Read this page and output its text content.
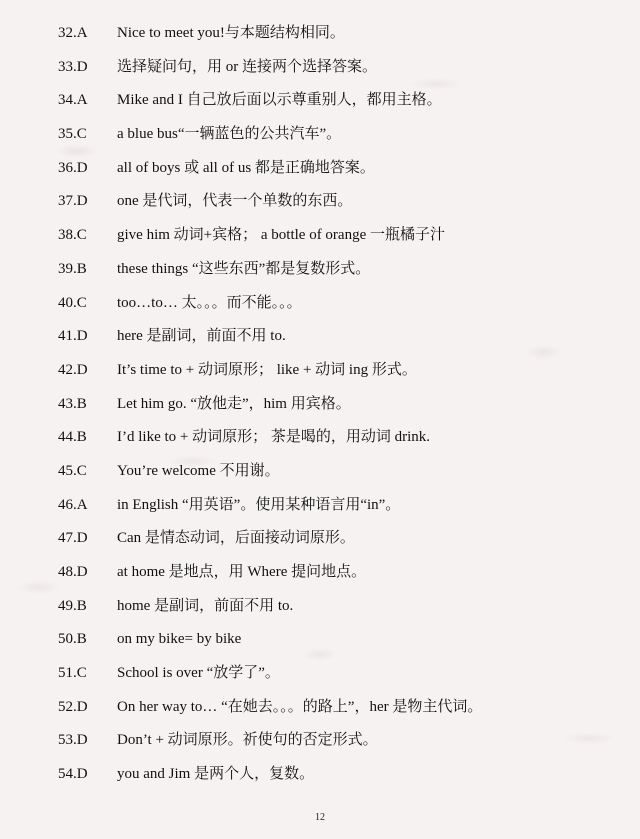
32.A Nice to meet you!与本题结构相同。
33.D 选择疑问句，用 or 连接两个选择答案。
34.A Mike and I 自己放后面以示尊重别人，都用主格。
35.C a blue bus“一辆蓝色的公共汽车”。
36.D all of boys 或 all of us 都是正确地答案。
37.D one 是代词，代表一个单数的东西。
38.C give him 动词+宾格； a bottle of orange 一瓶橘子汁
39.B these things “这些东西”都是复数形式。
40.C too…to… 太。。。而不能。。。
41.D here 是副词，前面不用 to.
42.D It’s time to + 动词原形； like + 动词 ing 形式。
43.B Let him go. “放他走”，him 用宾格。
44.B I’d like to + 动词原形； 茶是喝的，用动词 drink.
45.C You’re welcome 不用谢。
46.A in English “用英语”。使用某种语言用“in”。
47.D Can 是情态动词，后面接动词原形。
48.D at home 是地点，用 Where 提问地点。
49.B home 是副词，前面不用 to.
50.B on my bike= by bike
51.C School is over “放学了”。
52.D On her way to… “在她去。。。的路上”，her 是物主代词。
53.D Don’t + 动词原形。祈使句的否定形式。
54.D you and Jim 是两个人，复数。
12
